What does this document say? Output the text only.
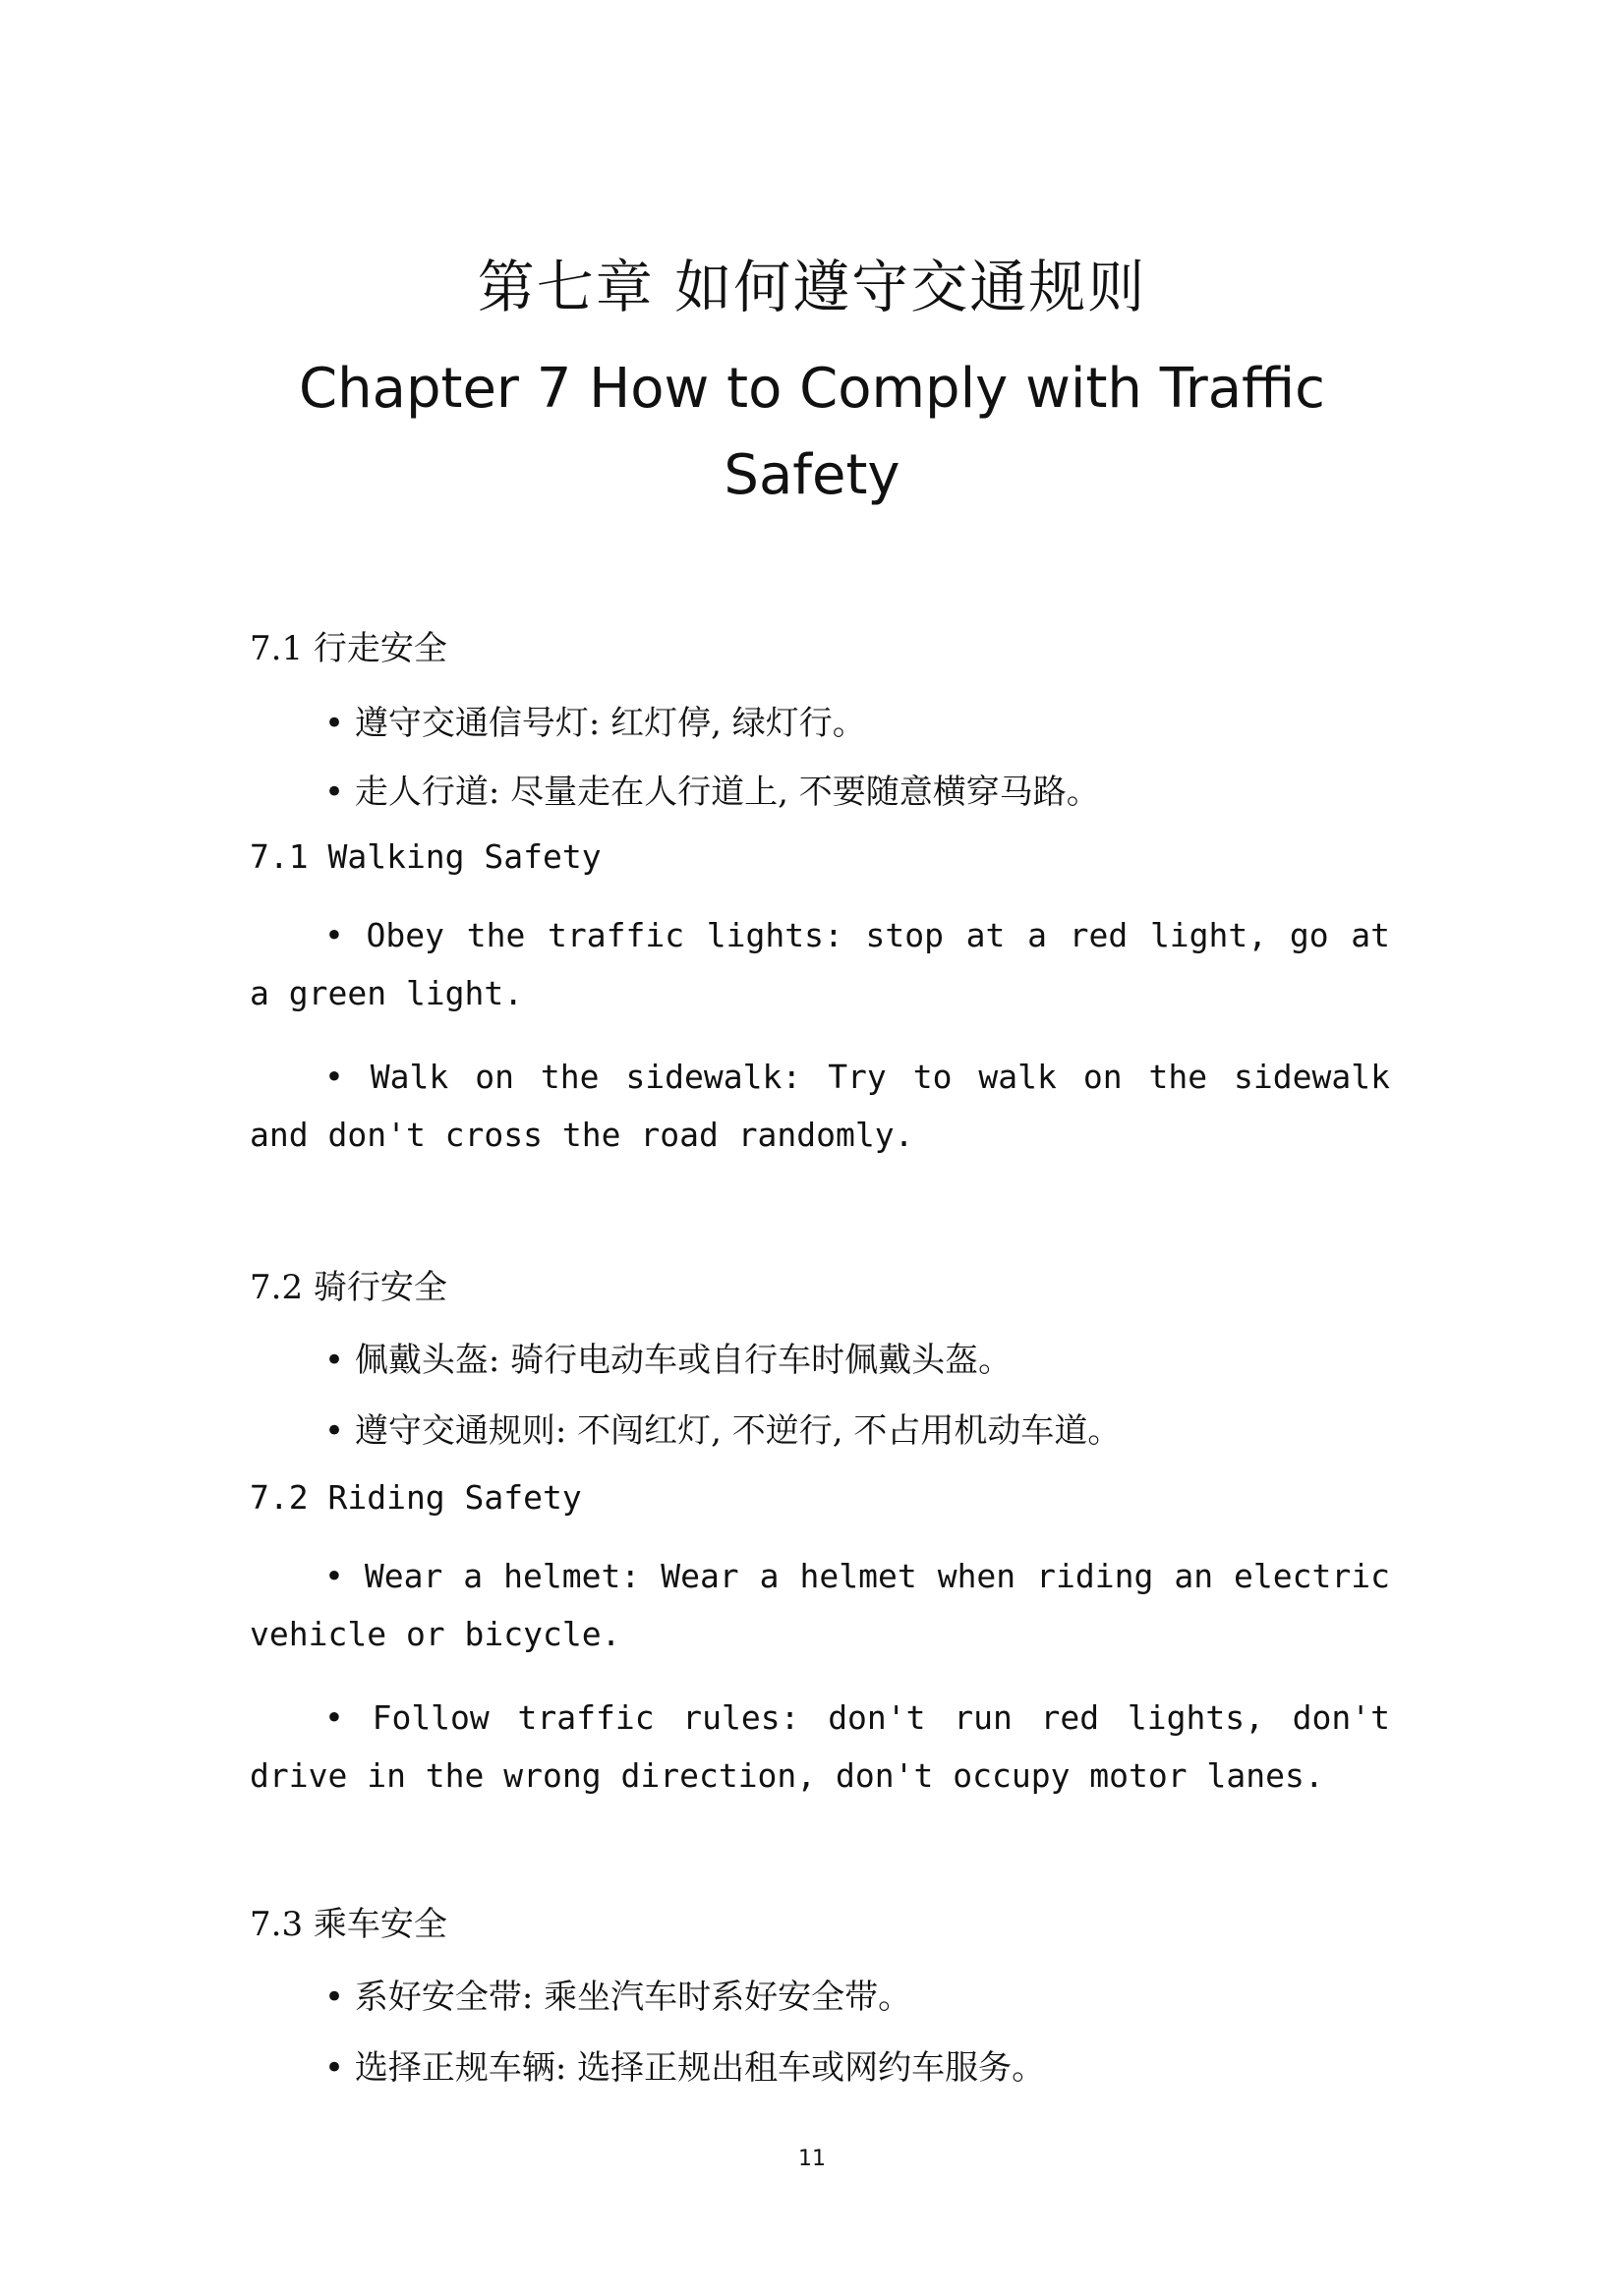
第七章 如何遵守交通规则
Chapter 7 How to Comply with Traffic Safety
7.1 行走安全
• 遵守交通信号灯: 红灯停, 绿灯行。
• 走人行道: 尽量走在人行道上, 不要随意横穿马路。
7.1 Walking Safety
• Obey the traffic lights: stop at a red light, go at a green light.
• Walk on the sidewalk: Try to walk on the sidewalk and don't cross the road randomly.
7.2 骑行安全
• 佩戴头盔: 骑行电动车或自行车时佩戴头盔。
• 遵守交通规则: 不闯红灯, 不逆行, 不占用机动车道。
7.2 Riding Safety
• Wear a helmet: Wear a helmet when riding an electric vehicle or bicycle.
• Follow traffic rules: don't run red lights, don't drive in the wrong direction, don't occupy motor lanes.
7.3 乘车安全
• 系好安全带: 乘坐汽车时系好安全带。
• 选择正规车辆: 选择正规出租车或网约车服务。
11
